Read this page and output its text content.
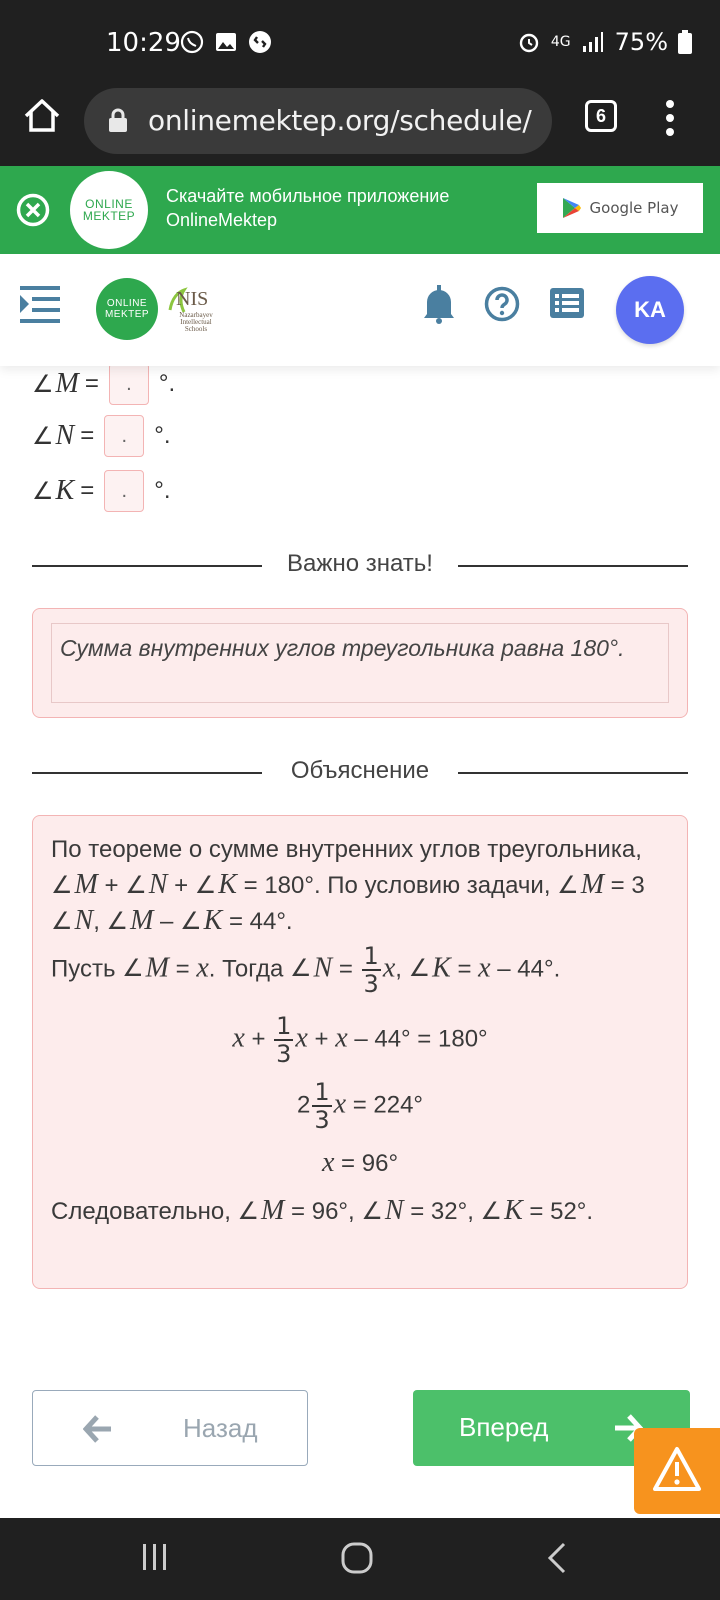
10:29	4G 75%
onlinemektep.org/schedule/	6
ONLINE
MEKTEP
Скачайте мобильное приложение
OnlineMektep
Google Play
ONLINE
MEKTEP
NIS
Nazarbayev
Intellectual
Schools
KA
∠ M =	.	°.
∠ N =	.	°.
∠ K =	.	°.
Важно знать!
Сумма внутренних углов треугольника равна 180°.
Объяснение
По теореме о сумме внутренних углов треугольника, ∠M + ∠N + ∠K = 180°. По условию задачи, ∠M = 3 ∠N, ∠M – ∠K = 44°.
Пусть ∠M = x. Тогда ∠N = $\frac{1}{3} x$, ∠K = x – 44°.
$x + \frac{1}{3}$ x + x – 44° = 180°
$2 \frac{1}{3}$ x = 224°
x = 96°
Следовательно, ∠M = 96°, ∠N = 32°, ∠K = 52°.
Назад	Вперед
